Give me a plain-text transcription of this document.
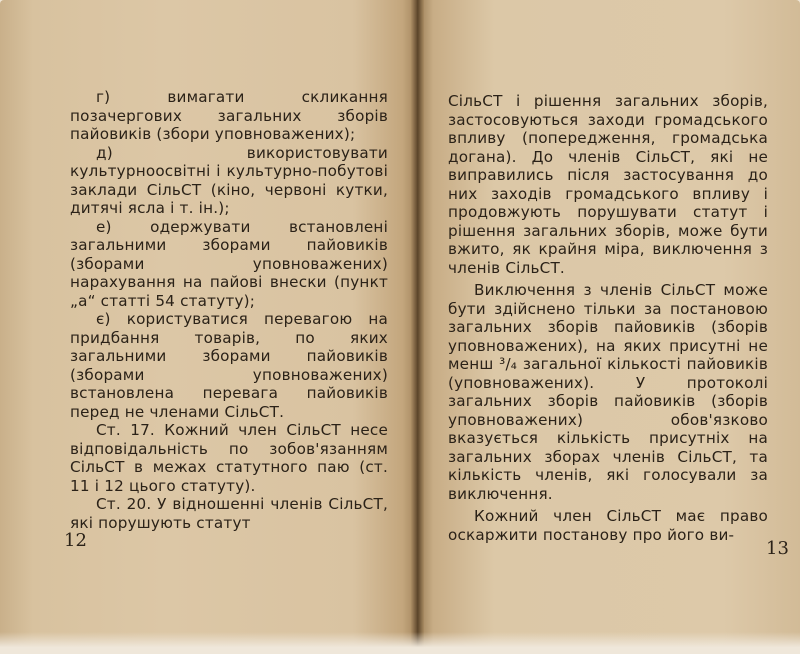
г) вимагати скликання позачергових загальних зборів пайовиків (збори уповноважених);

д) використовувати культурноосвітні і культурно-побутові заклади СільСТ (кіно, червоні кутки, дитячі ясла і т. ін.);

е) одержувати встановлені загальними зборами пайовиків (зборами уповноважених) нарахування на пайові внески (пункт „а“ статті 54 статуту);

є) користуватися перевагою на придбання товарів, по яких загальними зборами пайовиків (зборами уповноважених) встановлена перевага пайовиків перед не членами СільСТ.

Ст. 17. Кожний член СільСТ несе відповідальність по зобов'язанням СільСТ в межах статутного паю (ст. 11 і 12 цього статуту).

Ст. 20. У відношенні членів СільСТ, які порушують статут

12

СільСТ і рішення загальних зборів, застосовуються заходи громадського впливу (попередження, громадська догана). До членів СільСТ, які не виправились після застосування до них заходів громадського впливу і продовжують порушувати статут і рішення загальних зборів, може бути вжито, як крайня міра, виключення з членів СільСТ.

Виключення з членів СільСТ може бути здійснено тільки за постановою загальних зборів пайовиків (зборів уповноважених), на яких присутні не менш ³/₄ загальної кількості пайовиків (уповноважених). У протоколі загальних зборів пайовиків (зборів уповноважених) обов'язково вказується кількість присутніх на загальних зборах членів СільСТ, та кількість членів, які голосували за виключення.

Кожний член СільСТ має право оскаржити постанову про його ви-

13
